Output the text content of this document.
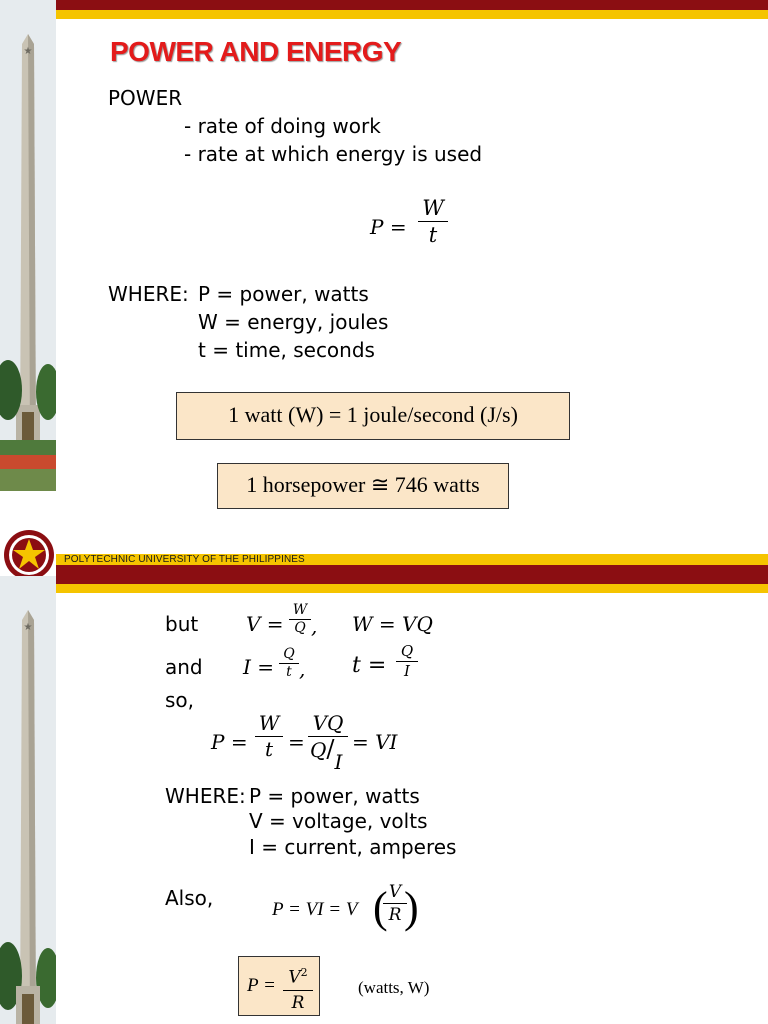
★	POWER AND ENERGY
POWER
- rate of doing work
- rate at which energy is used
$P = \frac{W}{t}$
WHERE: P = power, watts
W = energy, joules
t = time, seconds
1 watt (W) = 1 joule/second (J/s)
1 horsepower ≅ 746 watts
POLYTECHNIC UNIVERSITY OF THE PHILIPPINES
★	but $V = \frac{W}{Q}$ , W = VQ
and $I = \frac{Q}{t}$ , $t = \frac{Q}{I}$
so,
$P = \frac{W}{t} = \frac{VQ}{Q/I}$ = VI
WHERE: P = power, watts
V = voltage, volts
I = current, amperes
Also,	P = VI = V (
$\frac{V}{R}$
)
$P = \frac{V^2}{R}$	(watts, W)
